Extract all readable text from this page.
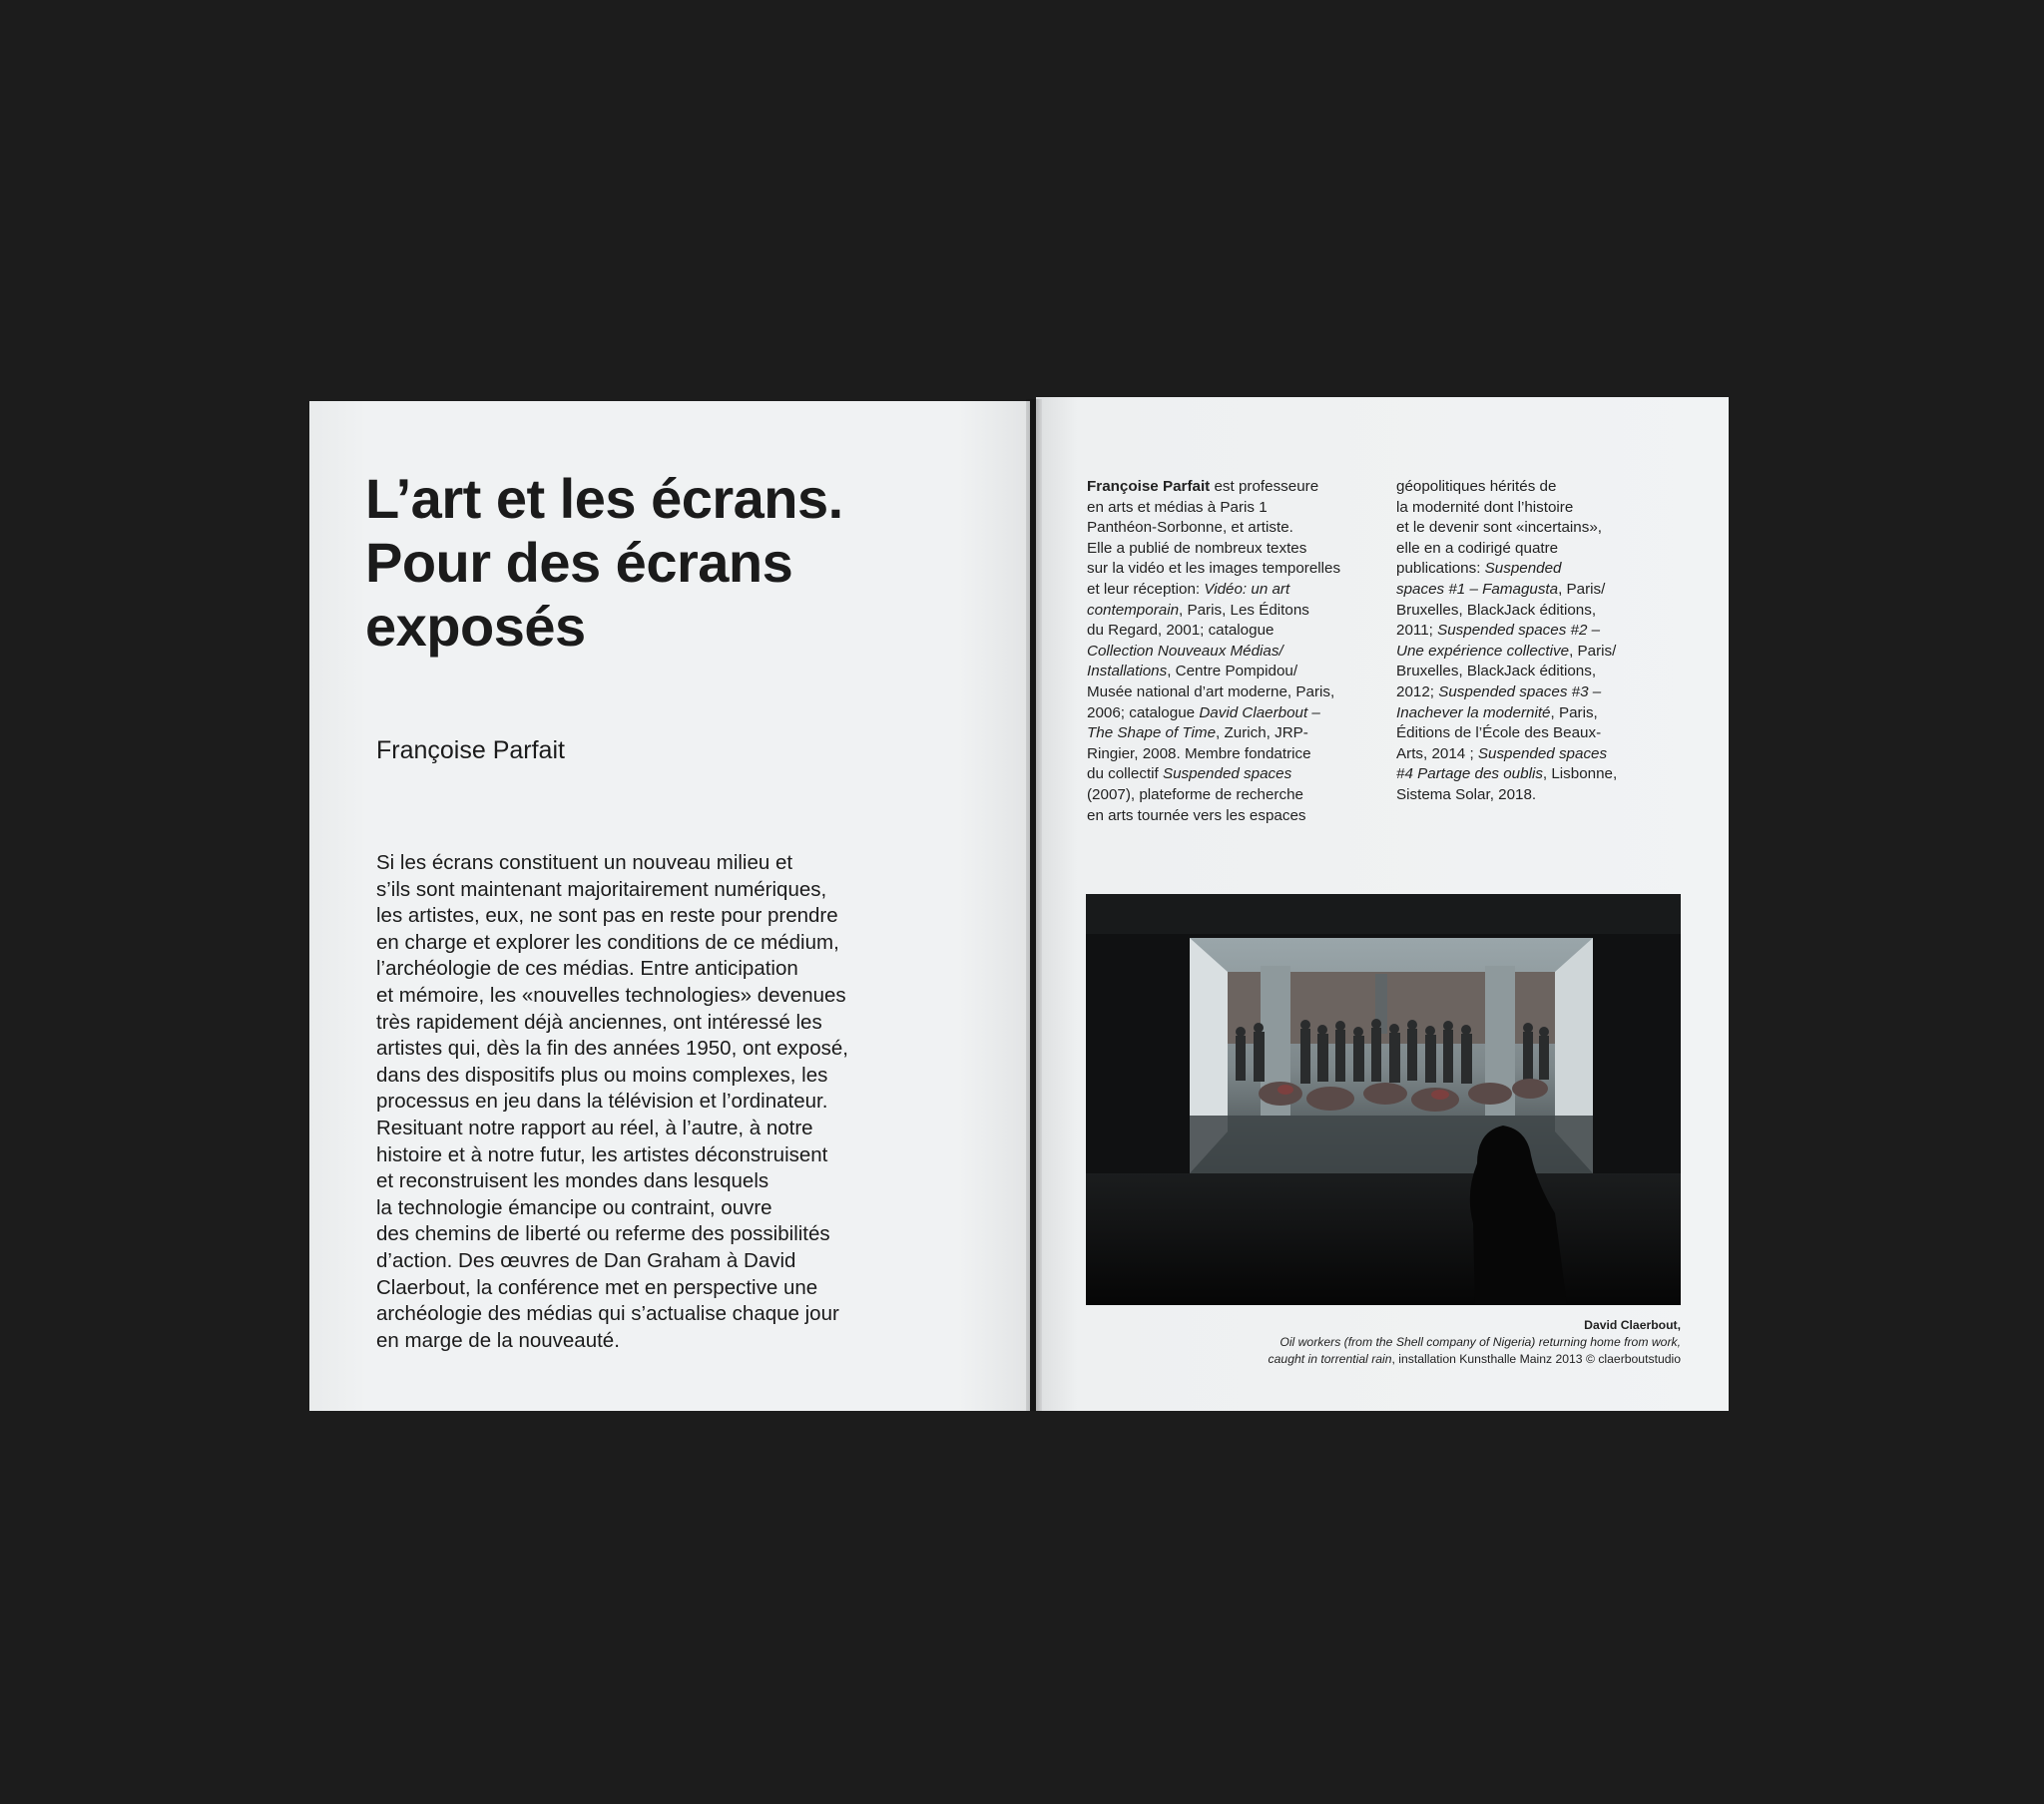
L’art et les écrans.
Pour des écrans
exposés

Françoise Parfait

Si les écrans constituent un nouveau milieu et
s’ils sont maintenant majoritairement numériques,
les artistes, eux, ne sont pas en reste pour prendre
en charge et explorer les conditions de ce médium,
l’archéologie de ces médias. Entre anticipation
et mémoire, les «nouvelles technologies» devenues
très rapidement déjà anciennes, ont intéressé les
artistes qui, dès la fin des années 1950, ont exposé,
dans des dispositifs plus ou moins complexes, les
processus en jeu dans la télévision et l’ordinateur.
Resituant notre rapport au réel, à l’autre, à notre
histoire et à notre futur, les artistes déconstruisent
et reconstruisent les mondes dans lesquels
la technologie émancipe ou contraint, ouvre
des chemins de liberté ou referme des possibilités
d’action. Des œuvres de Dan Graham à David
Claerbout, la conférence met en perspective une
archéologie des médias qui s’actualise chaque jour
en marge de la nouveauté.
Françoise Parfait est professeure
en arts et médias à Paris 1
Panthéon-Sorbonne, et artiste.
Elle a publié de nombreux textes
sur la vidéo et les images temporelles
et leur réception: Vidéo: un art
contemporain, Paris, Les Éditons
du Regard, 2001; catalogue
Collection Nouveaux Médias/
Installations, Centre Pompidou/
Musée national d’art moderne, Paris,
2006; catalogue David Claerbout –
The Shape of Time, Zurich, JRP-
Ringier, 2008. Membre fondatrice
du collectif Suspended spaces
(2007), plateforme de recherche
en arts tournée vers les espaces
géopolitiques hérités de
la modernité dont l’histoire
et le devenir sont «incertains»,
elle en a codirigé quatre
publications: Suspended
spaces #1 – Famagusta, Paris/
Bruxelles, BlackJack éditions,
2011; Suspended spaces #2 –
Une expérience collective, Paris/
Bruxelles, BlackJack éditions,
2012; Suspended spaces #3 –
Inachever la modernité, Paris,
Éditions de l’École des Beaux-
Arts, 2014 ; Suspended spaces
#4 Partage des oublis, Lisbonne,
Sistema Solar, 2018.
David Claerbout,
Oil workers (from the Shell company of Nigeria) returning home from work,
caught in torrential rain, installation Kunsthalle Mainz 2013 © claerboutstudio
